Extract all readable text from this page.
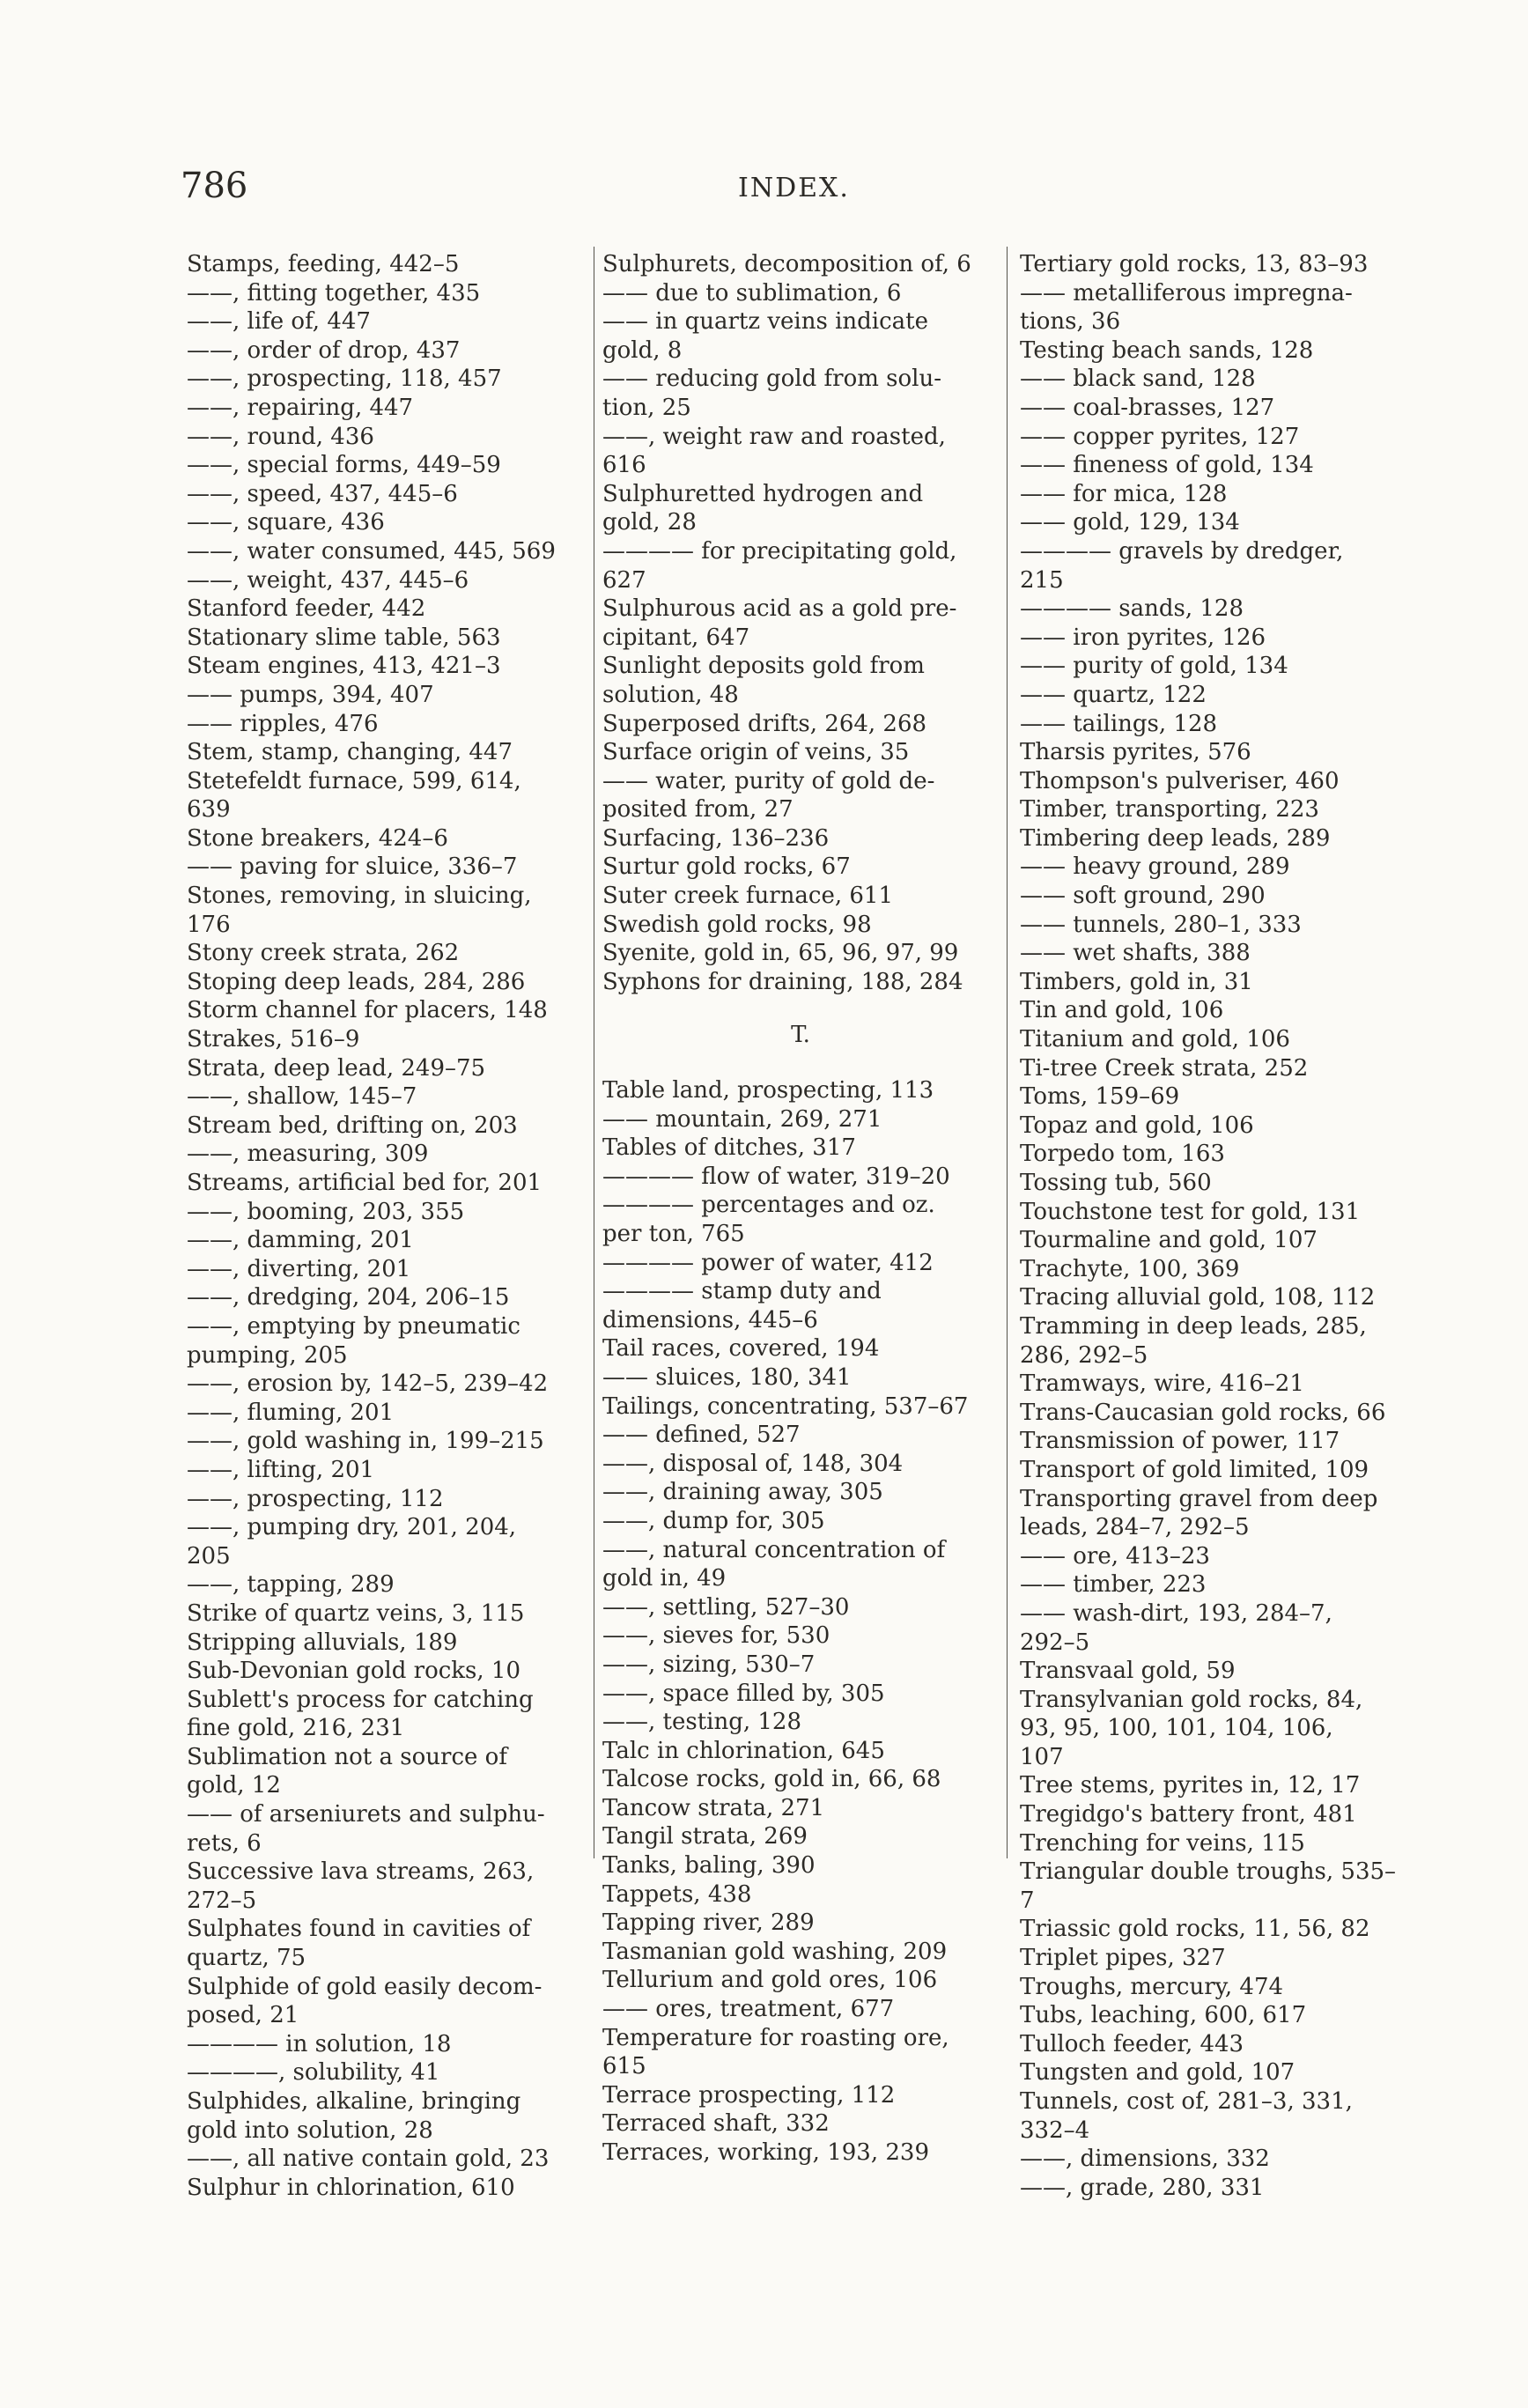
786	INDEX.
Stamps, feeding, 442–5
——, fitting together, 435
——, life of, 447
——, order of drop, 437
——, prospecting, 118, 457
——, repairing, 447
——, round, 436
——, special forms, 449–59
——, speed, 437, 445–6
——, square, 436
——, water consumed, 445, 569
——, weight, 437, 445–6
Stanford feeder, 442
Stationary slime table, 563
Steam engines, 413, 421–3
—— pumps, 394, 407
—— ripples, 476
Stem, stamp, changing, 447
Stetefeldt furnace, 599, 614,
639
Stone breakers, 424–6
—— paving for sluice, 336–7
Stones, removing, in sluicing,
176
Stony creek strata, 262
Stoping deep leads, 284, 286
Storm channel for placers, 148
Strakes, 516–9
Strata, deep lead, 249–75
——, shallow, 145–7
Stream bed, drifting on, 203
——, measuring, 309
Streams, artificial bed for, 201
——, booming, 203, 355
——, damming, 201
——, diverting, 201
——, dredging, 204, 206–15
——, emptying by pneumatic
pumping, 205
——, erosion by, 142–5, 239–42
——, fluming, 201
——, gold washing in, 199–215
——, lifting, 201
——, prospecting, 112
——, pumping dry, 201, 204,
205
——, tapping, 289
Strike of quartz veins, 3, 115
Stripping alluvials, 189
Sub-Devonian gold rocks, 10
Sublett's process for catching
fine gold, 216, 231
Sublimation not a source of
gold, 12
—— of arseniurets and sulphu-
rets, 6
Successive lava streams, 263,
272–5
Sulphates found in cavities of
quartz, 75
Sulphide of gold easily decom-
posed, 21
———— in solution, 18
————, solubility, 41
Sulphides, alkaline, bringing
gold into solution, 28
——, all native contain gold, 23
Sulphur in chlorination, 610
Sulphurets, decomposition of, 6
—— due to sublimation, 6
—— in quartz veins indicate
gold, 8
—— reducing gold from solu-
tion, 25
——, weight raw and roasted,
616
Sulphuretted hydrogen and
gold, 28
———— for precipitating gold,
627
Sulphurous acid as a gold pre-
cipitant, 647
Sunlight deposits gold from
solution, 48
Superposed drifts, 264, 268
Surface origin of veins, 35
—— water, purity of gold de-
posited from, 27
Surfacing, 136–236
Surtur gold rocks, 67
Suter creek furnace, 611
Swedish gold rocks, 98
Syenite, gold in, 65, 96, 97, 99
Syphons for draining, 188, 284
T.
Table land, prospecting, 113
—— mountain, 269, 271
Tables of ditches, 317
———— flow of water, 319–20
———— percentages and oz.
per ton, 765
———— power of water, 412
———— stamp duty and
dimensions, 445–6
Tail races, covered, 194
—— sluices, 180, 341
Tailings, concentrating, 537–67
—— defined, 527
——, disposal of, 148, 304
——, draining away, 305
——, dump for, 305
——, natural concentration of
gold in, 49
——, settling, 527–30
——, sieves for, 530
——, sizing, 530–7
——, space filled by, 305
——, testing, 128
Talc in chlorination, 645
Talcose rocks, gold in, 66, 68
Tancow strata, 271
Tangil strata, 269
Tanks, baling, 390
Tappets, 438
Tapping river, 289
Tasmanian gold washing, 209
Tellurium and gold ores, 106
—— ores, treatment, 677
Temperature for roasting ore,
615
Terrace prospecting, 112
Terraced shaft, 332
Terraces, working, 193, 239
Tertiary gold rocks, 13, 83–93
—— metalliferous impregna-
tions, 36
Testing beach sands, 128
—— black sand, 128
—— coal-brasses, 127
—— copper pyrites, 127
—— fineness of gold, 134
—— for mica, 128
—— gold, 129, 134
———— gravels by dredger,
215
———— sands, 128
—— iron pyrites, 126
—— purity of gold, 134
—— quartz, 122
—— tailings, 128
Tharsis pyrites, 576
Thompson's pulveriser, 460
Timber, transporting, 223
Timbering deep leads, 289
—— heavy ground, 289
—— soft ground, 290
—— tunnels, 280–1, 333
—— wet shafts, 388
Timbers, gold in, 31
Tin and gold, 106
Titanium and gold, 106
Ti-tree Creek strata, 252
Toms, 159–69
Topaz and gold, 106
Torpedo tom, 163
Tossing tub, 560
Touchstone test for gold, 131
Tourmaline and gold, 107
Trachyte, 100, 369
Tracing alluvial gold, 108, 112
Tramming in deep leads, 285,
286, 292–5
Tramways, wire, 416–21
Trans-Caucasian gold rocks, 66
Transmission of power, 117
Transport of gold limited, 109
Transporting gravel from deep
leads, 284–7, 292–5
—— ore, 413–23
—— timber, 223
—— wash-dirt, 193, 284–7,
292–5
Transvaal gold, 59
Transylvanian gold rocks, 84,
93, 95, 100, 101, 104, 106,
107
Tree stems, pyrites in, 12, 17
Tregidgo's battery front, 481
Trenching for veins, 115
Triangular double troughs, 535–
7
Triassic gold rocks, 11, 56, 82
Triplet pipes, 327
Troughs, mercury, 474
Tubs, leaching, 600, 617
Tulloch feeder, 443
Tungsten and gold, 107
Tunnels, cost of, 281–3, 331,
332–4
——, dimensions, 332
——, grade, 280, 331
